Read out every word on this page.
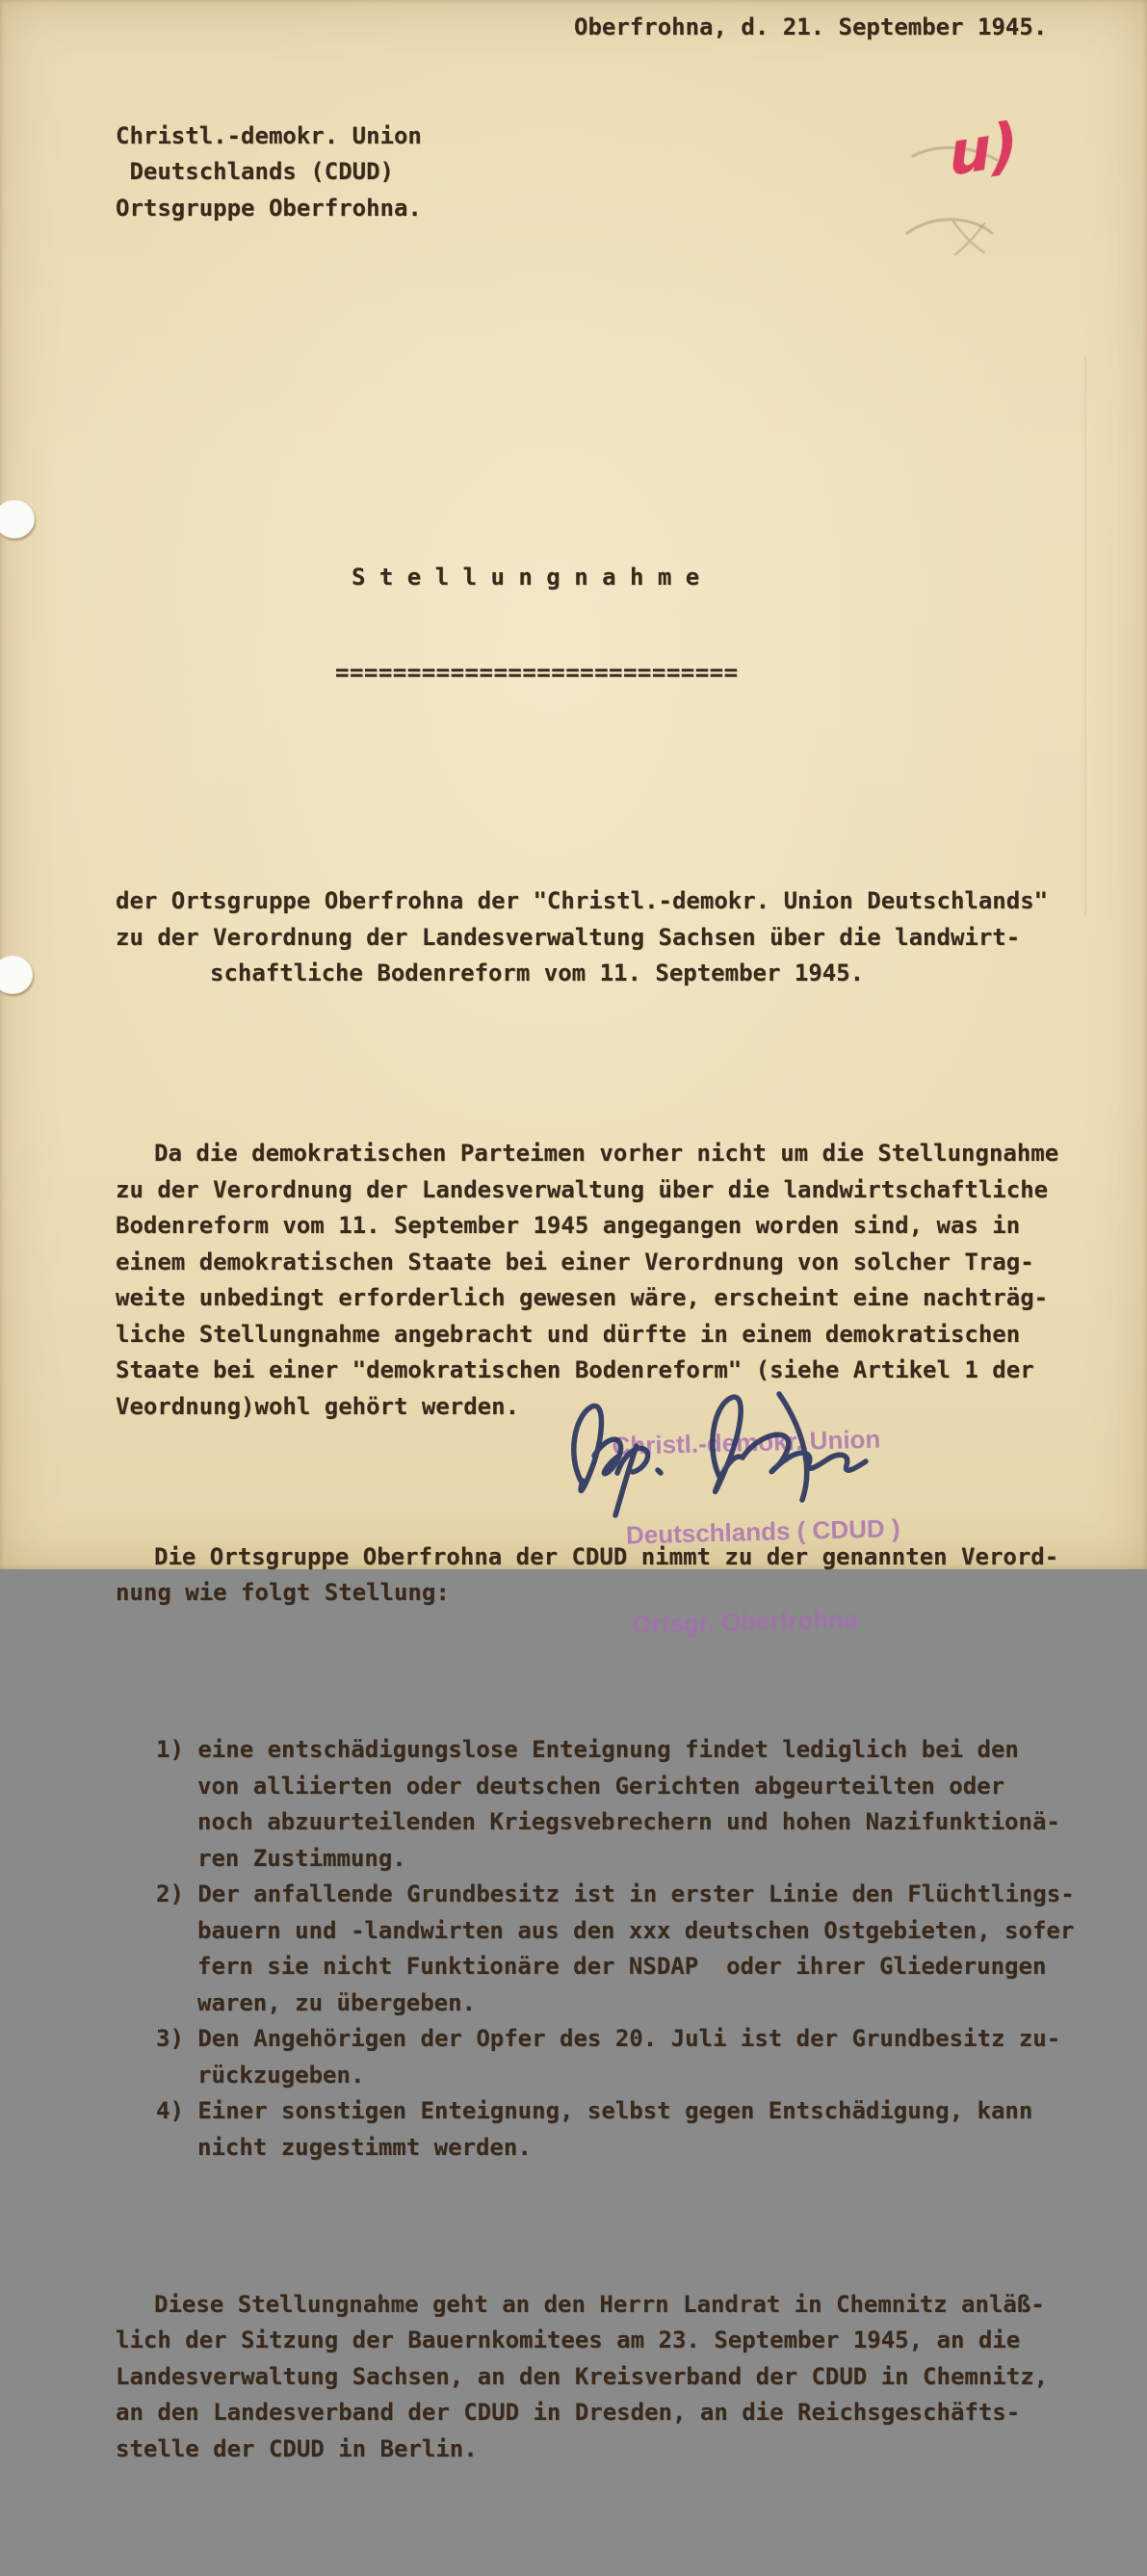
u)

Christl.-demokr. Union
Deutschlands (CDUD)
Ortsgruppe Oberfrohna.

Oberfrohna, d. 21. September 1945.

S t e l l u n g n a h m e

============================

der Ortsgruppe Oberfrohna der "Christl.-demokr. Union Deutschlands"
zu der Verordnung der Landesverwaltung Sachsen über die landwirt-
schaftliche Bodenreform vom 11. September 1945.

Da die demokratischen Parteimen vorher nicht um die Stellungnahme
zu der Verordnung der Landesverwaltung über die landwirtschaftliche
Bodenreform vom 11. September 1945 angegangen worden sind, was in
einem demokratischen Staate bei einer Verordnung von solcher Trag-
weite unbedingt erforderlich gewesen wäre, erscheint eine nachträg-
liche Stellungnahme angebracht und dürfte in einem demokratischen
Staate bei einer "demokratischen Bodenreform" (siehe Artikel 1 der
Veordnung)wohl gehört werden.

Die Ortsgruppe Oberfrohna der CDUD nimmt zu der genannten Verord-
nung wie folgt Stellung:

1) eine entschädigungslose Enteignung findet lediglich bei den
von alliierten oder deutschen Gerichten abgeurteilten oder
noch abzuurteilenden Kriegsvebrechern und hohen Nazifunktionä-
ren Zustimmung.
2) Der anfallende Grundbesitz ist in erster Linie den Flüchtlings-
bauern und -landwirten aus den xxx deutschen Ostgebieten, sofer
fern sie nicht Funktionäre der NSDAP  oder ihrer Gliederungen
waren, zu übergeben.
3) Den Angehörigen der Opfer des 20. Juli ist der Grundbesitz zu-
rückzugeben.
4) Einer sonstigen Enteignung, selbst gegen Entschädigung, kann
nicht zugestimmt werden.

Diese Stellungnahme geht an den Herrn Landrat in Chemnitz anläß-
lich der Sitzung der Bauernkomitees am 23. September 1945, an die
Landesverwaltung Sachsen, an den Kreisverband der CDUD in Chemnitz,
an den Landesverband der CDUD in Dresden, an die Reichsgeschäfts-
stelle der CDUD in Berlin.

Christl.-demokr. Union

Deutschlands ( CDUD )

Ortsgr. Oberfrohna
